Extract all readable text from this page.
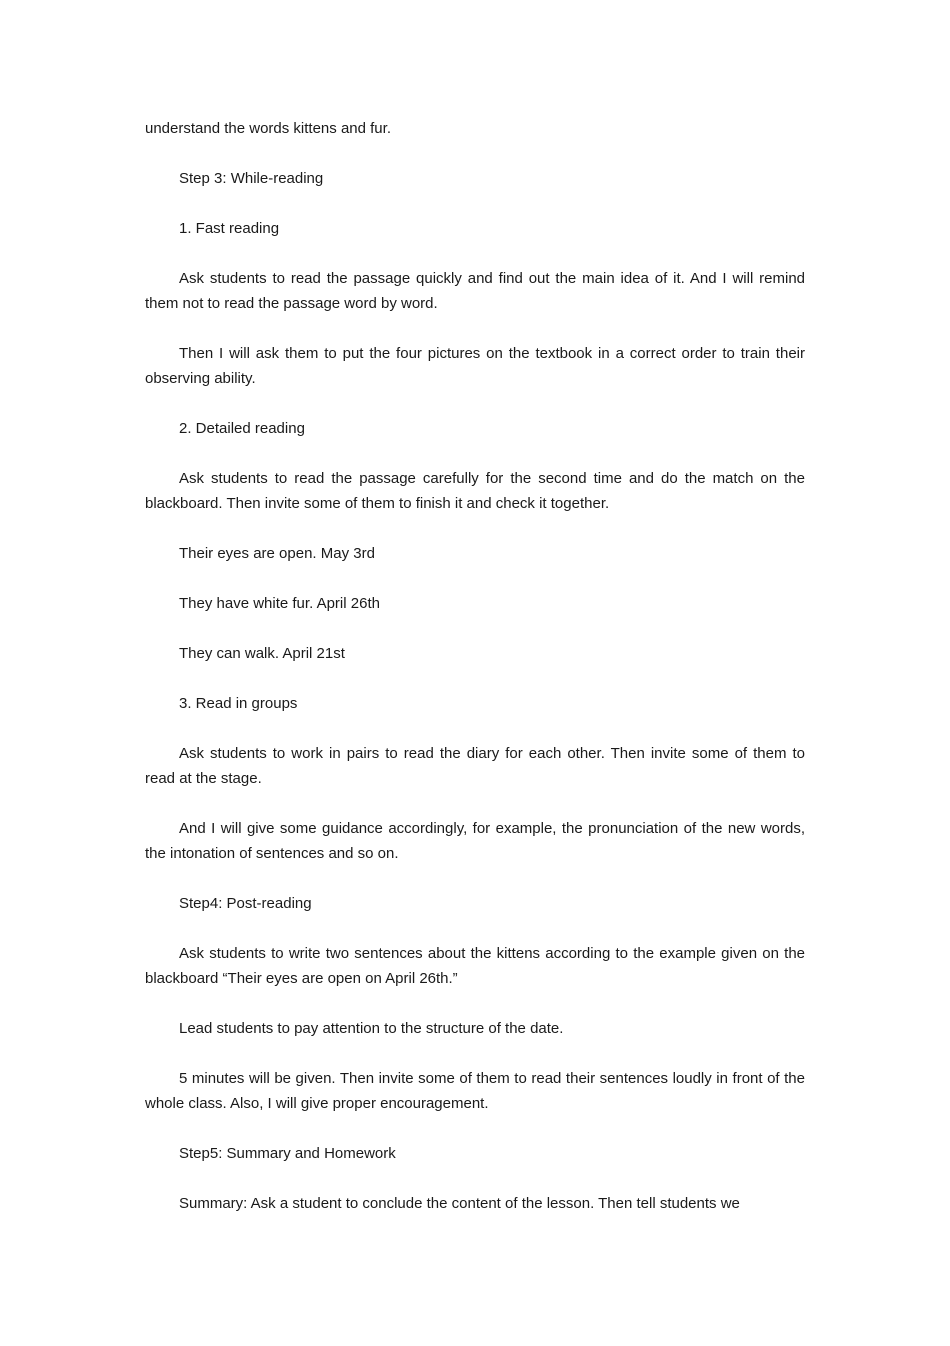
understand the words kittens and fur.

Step 3: While-reading

1. Fast reading

Ask students to read the passage quickly and find out the main idea of it. And I will remind them not to read the passage word by word.

Then I will ask them to put the four pictures on the textbook in a correct order to train their observing ability.

2. Detailed reading

Ask students to read the passage carefully for the second time and do the match on the blackboard. Then invite some of them to finish it and check it together.

Their eyes are open. May 3rd

They have white fur. April 26th

They can walk. April 21st

3. Read in groups

Ask students to work in pairs to read the diary for each other. Then invite some of them to read at the stage.

And I will give some guidance accordingly, for example, the pronunciation of the new words, the intonation of sentences and so on.

Step4: Post-reading

Ask students to write two sentences about the kittens according to the example given on the blackboard “Their eyes are open on April 26th.”

Lead students to pay attention to the structure of the date.

5 minutes will be given. Then invite some of them to read their sentences loudly in front of the whole class. Also, I will give proper encouragement.

Step5: Summary and Homework

Summary: Ask a student to conclude the content of the lesson. Then tell students we
